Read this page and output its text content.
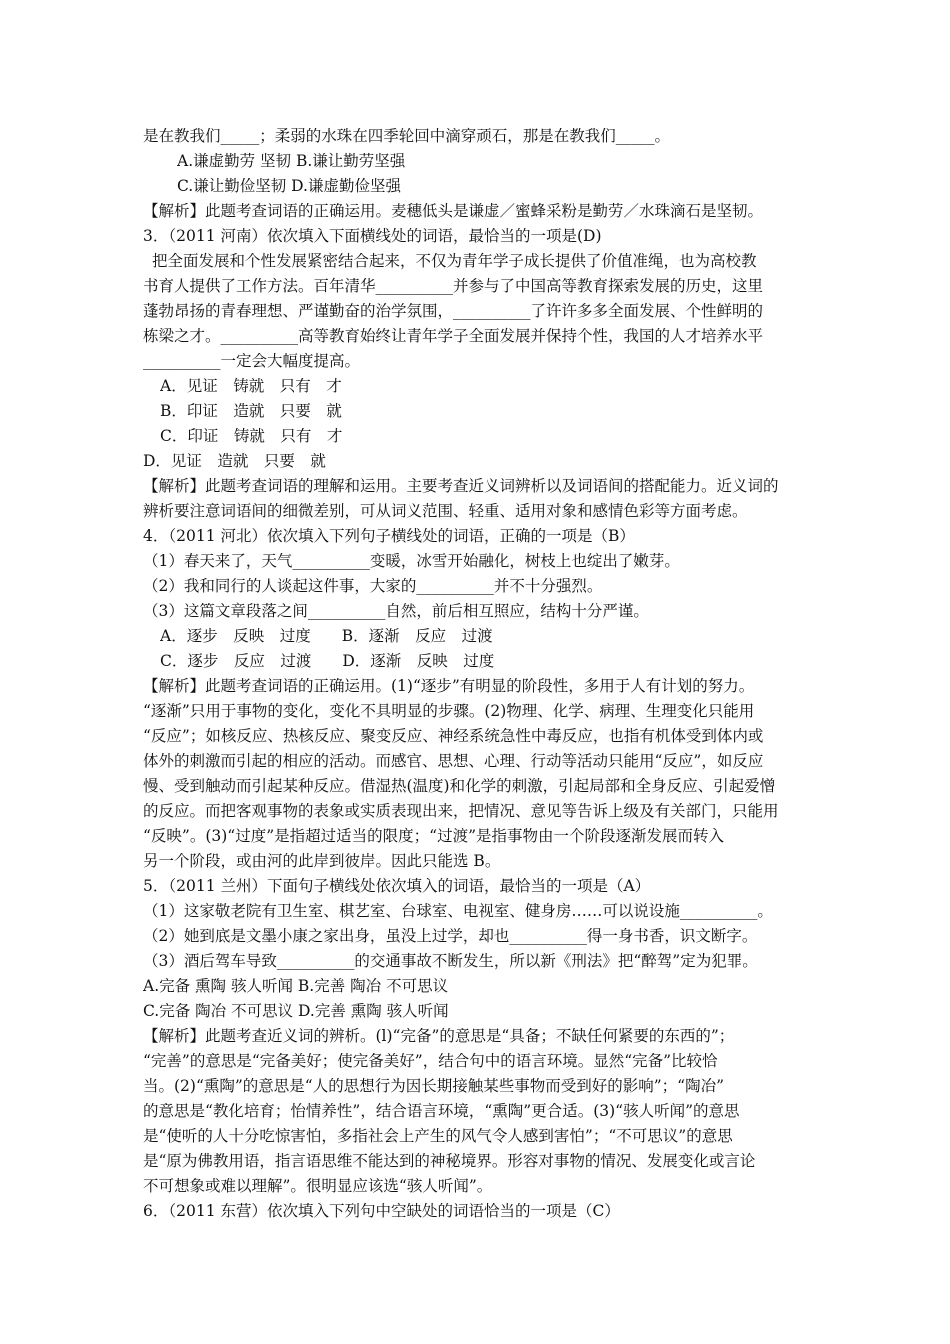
是在教我们_____；柔弱的水珠在四季轮回中滴穿顽石，那是在教我们_____。
A.谦虚勤劳 坚韧 B.谦让勤劳坚强
C.谦让勤俭坚韧 D.谦虚勤俭坚强
【解析】此题考查词语的正确运用。麦穗低头是谦虚／蜜蜂采粉是勤劳／水珠滴石是坚韧。
3．（2011 河南）依次填入下面横线处的词语，最恰当的一项是(D)
把全面发展和个性发展紧密结合起来，不仅为青年学子成长提供了价值准绳，也为高校教
书育人提供了工作方法。百年清华__________并参与了中国高等教育探索发展的历史，这里
蓬勃昂扬的青春理想、严谨勤奋的治学氛围，__________了许许多多全面发展、个性鲜明的
栋梁之才。__________高等教育始终让青年学子全面发展并保持个性，我国的人才培养水平
__________一定会大幅度提高。
A．见证　铸就　只有　才
B．印证　造就　只要　就
C．印证　铸就　只有　才
D．见证　造就　只要　就
【解析】此题考查词语的理解和运用。主要考查近义词辨析以及词语间的搭配能力。近义词的
辨析要注意词语间的细微差别，可从词义范围、轻重、适用对象和感情色彩等方面考虑。
4．（2011 河北）依次填入下列句子横线处的词语，正确的一项是（B）
（1）春天来了，天气__________变暖，冰雪开始融化，树枝上也绽出了嫩芽。
（2）我和同行的人谈起这件事，大家的__________并不十分强烈。
（3）这篇文章段落之间__________自然，前后相互照应，结构十分严谨。
A．逐步　反映　过度　　B．逐渐　反应　过渡
C．逐步　反应　过渡　　D．逐渐　反映　过度
【解析】此题考查词语的正确运用。(1)“逐步”有明显的阶段性，多用于人有计划的努力。
“逐渐”只用于事物的变化，变化不具明显的步骤。(2)物理、化学、病理、生理变化只能用
“反应”；如核反应、热核反应、聚变反应、神经系统急性中毒反应，也指有机体受到体内或
体外的刺激而引起的相应的活动。而感官、思想、心理、行动等活动只能用“反应”，如反应
慢、受到触动而引起某种反应。借湿热(温度)和化学的刺激，引起局部和全身反应、引起爱憎
的反应。而把客观事物的表象或实质表现出来，把情况、意见等告诉上级及有关部门，只能用
“反映”。(3)“过度”是指超过适当的限度；“过渡”是指事物由一个阶段逐渐发展而转入
另一个阶段，或由河的此岸到彼岸。因此只能选 B。
5．（2011 兰州）下面句子横线处依次填入的词语，最恰当的一项是（A）
（1）这家敬老院有卫生室、棋艺室、台球室、电视室、健身房……可以说设施__________。
（2）她到底是文墨小康之家出身，虽没上过学，却也__________得一身书香，识文断字。
（3）酒后驾车导致__________的交通事故不断发生，所以新《刑法》把“醉驾”定为犯罪。
A.完备 熏陶 骇人听闻 B.完善 陶冶 不可思议
C.完备 陶冶 不可思议 D.完善 熏陶 骇人听闻
【解析】此题考查近义词的辨析。(l)“完备”的意思是“具备；不缺任何紧要的东西的”；
“完善”的意思是“完备美好；使完备美好”，结合句中的语言环境。显然“完备”比较恰
当。(2)“熏陶”的意思是“人的思想行为因长期接触某些事物而受到好的影响”；“陶冶”
的意思是“教化培育；怡情养性”，结合语言环境，“熏陶”更合适。(3)“骇人听闻”的意思
是“使听的人十分吃惊害怕，多指社会上产生的风气令人感到害怕”；“不可思议”的意思
是“原为佛教用语，指言语思维不能达到的神秘境界。形容对事物的情况、发展变化或言论
不可想象或难以理解”。很明显应该选“骇人听闻”。
6．（2011 东营）依次填入下列句中空缺处的词语恰当的一项是（C）
